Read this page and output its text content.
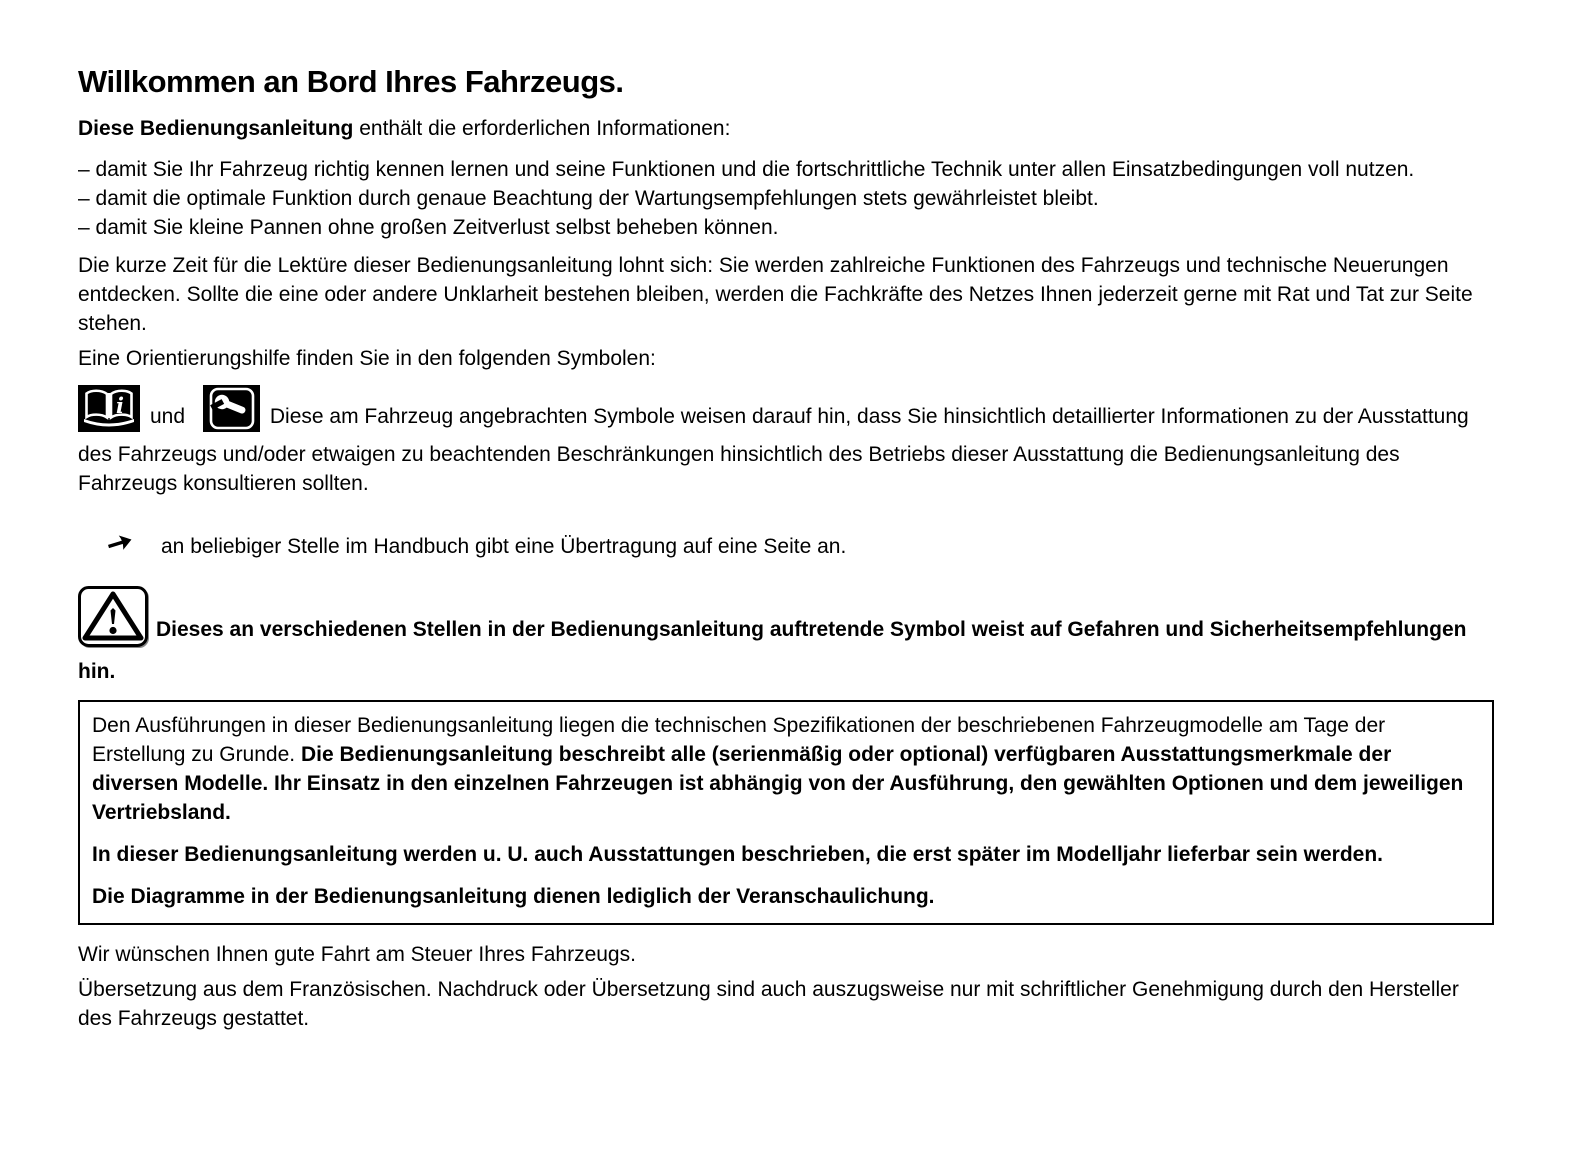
Willkommen an Bord Ihres Fahrzeugs.

Diese Bedienungsanleitung enthält die erforderlichen Informationen:

– damit Sie Ihr Fahrzeug richtig kennen lernen und seine Funktionen und die fortschrittliche Technik unter allen Einsatzbedingungen voll nutzen.

– damit die optimale Funktion durch genaue Beachtung der Wartungsempfehlungen stets gewährleistet bleibt.

– damit Sie kleine Pannen ohne großen Zeitverlust selbst beheben können.

Die kurze Zeit für die Lektüre dieser Bedienungsanleitung lohnt sich: Sie werden zahlreiche Funktionen des Fahrzeugs und technische Neuerungen entdecken. Sollte die eine oder andere Unklarheit bestehen bleiben, werden die Fachkräfte des Netzes Ihnen jederzeit gerne mit Rat und Tat zur Seite stehen.

Eine Orientierungshilfe finden Sie in den folgenden Symbolen:

i und	Diese am Fahrzeug angebrachten Symbole weisen darauf hin, dass Sie hinsichtlich detaillierter Informationen zu der Ausstattung des Fahrzeugs und/oder etwaigen zu beachtenden Beschränkungen hinsichtlich des Betriebs dieser Ausstattung die Bedienungsanleitung des Fahrzeugs konsultieren sollten.

an beliebiger Stelle im Handbuch gibt eine Übertragung auf eine Seite an.

Dieses an verschiedenen Stellen in der Bedienungsanleitung auftretende Symbol weist auf Gefahren und Sicherheitsempfehlungen hin.

Den Ausführungen in dieser Bedienungsanleitung liegen die technischen Spezifikationen der beschriebenen Fahrzeugmodelle am Tage der Erstellung zu Grunde. Die Bedienungsanleitung beschreibt alle (serienmäßig oder optional) verfügbaren Ausstattungsmerkmale der diversen Modelle. Ihr Einsatz in den einzelnen Fahrzeugen ist abhängig von der Ausführung, den gewählten Optionen und dem jeweiligen Vertriebsland.

In dieser Bedienungsanleitung werden u. U. auch Ausstattungen beschrieben, die erst später im Modelljahr lieferbar sein werden.

Die Diagramme in der Bedienungsanleitung dienen lediglich der Veranschaulichung.

Wir wünschen Ihnen gute Fahrt am Steuer Ihres Fahrzeugs.

Übersetzung aus dem Französischen. Nachdruck oder Übersetzung sind auch auszugsweise nur mit schriftlicher Genehmigung durch den Hersteller des Fahrzeugs gestattet.
